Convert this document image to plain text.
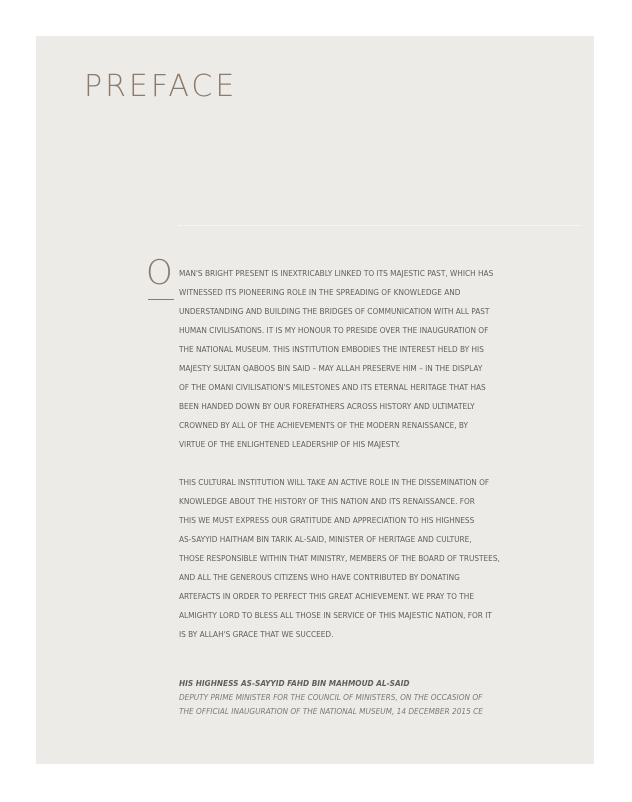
PREFACE
O MAN'S BRIGHT PRESENT IS INEXTRICABLY LINKED TO ITS MAJESTIC PAST, WHICH HAS
WITNESSED ITS PIONEERING ROLE IN THE SPREADING OF KNOWLEDGE AND
UNDERSTANDING AND BUILDING THE BRIDGES OF COMMUNICATION WITH ALL PAST
HUMAN CIVILISATIONS. IT IS MY HONOUR TO PRESIDE OVER THE INAUGURATION OF
THE NATIONAL MUSEUM. THIS INSTITUTION EMBODIES THE INTEREST HELD BY HIS
MAJESTY SULTAN QABOOS BIN SAID – MAY ALLAH PRESERVE HIM – IN THE DISPLAY
OF THE OMANI CIVILISATION'S MILESTONES AND ITS ETERNAL HERITAGE THAT HAS
BEEN HANDED DOWN BY OUR FOREFATHERS ACROSS HISTORY AND ULTIMATELY
CROWNED BY ALL OF THE ACHIEVEMENTS OF THE MODERN RENAISSANCE, BY
VIRTUE OF THE ENLIGHTENED LEADERSHIP OF HIS MAJESTY.

THIS CULTURAL INSTITUTION WILL TAKE AN ACTIVE ROLE IN THE DISSEMINATION OF
KNOWLEDGE ABOUT THE HISTORY OF THIS NATION AND ITS RENAISSANCE. FOR
THIS WE MUST EXPRESS OUR GRATITUDE AND APPRECIATION TO HIS HIGHNESS
AS-SAYYID HAITHAM BIN TARIK AL-SAID, MINISTER OF HERITAGE AND CULTURE,
THOSE RESPONSIBLE WITHIN THAT MINISTRY, MEMBERS OF THE BOARD OF TRUSTEES,
AND ALL THE GENEROUS CITIZENS WHO HAVE CONTRIBUTED BY DONATING
ARTEFACTS IN ORDER TO PERFECT THIS GREAT ACHIEVEMENT. WE PRAY TO THE
ALMIGHTY LORD TO BLESS ALL THOSE IN SERVICE OF THIS MAJESTIC NATION, FOR IT
IS BY ALLAH'S GRACE THAT WE SUCCEED.

HIS HIGHNESS AS-SAYYID FAHD BIN MAHMOUD AL-SAID
DEPUTY PRIME MINISTER FOR THE COUNCIL OF MINISTERS, ON THE OCCASION OF
THE OFFICIAL INAUGURATION OF THE NATIONAL MUSEUM, 14 DECEMBER 2015 CE
